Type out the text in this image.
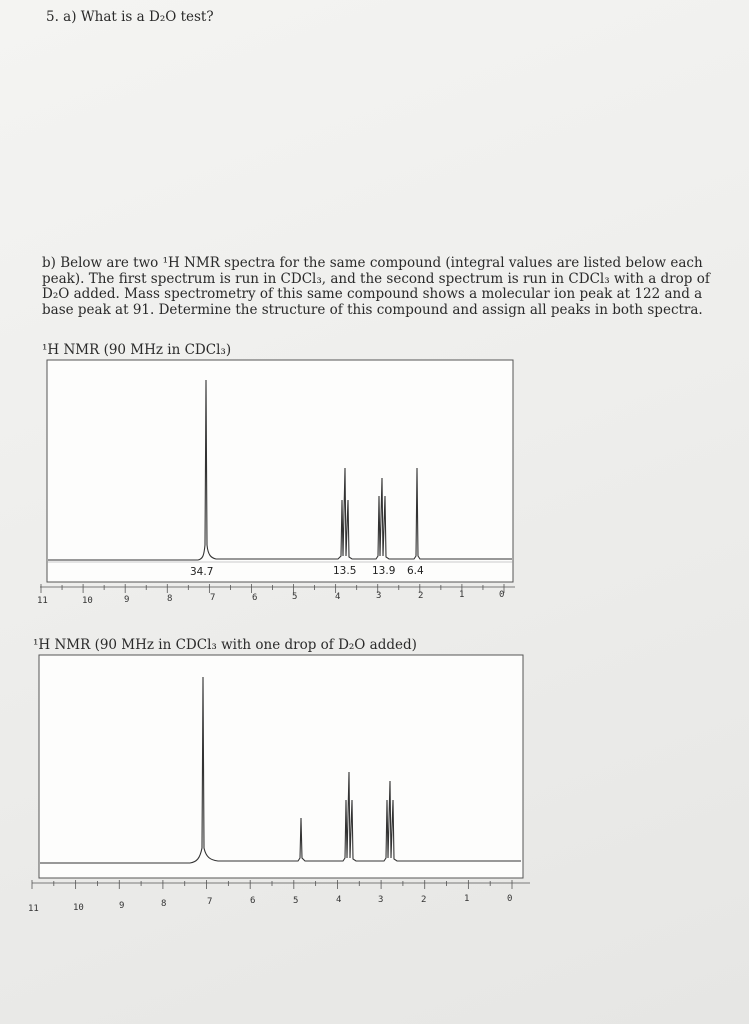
5. a) What is a D₂O test?
b) Below are two ¹H NMR spectra for the same compound (integral values are listed below each peak). The first spectrum is run in CDCl₃, and the second spectrum is run in CDCl₃ with a drop of D₂O added. Mass spectrometry of this same compound shows a molecular ion peak at 122 and a base peak at 91. Determine the structure of this compound and assign all peaks in both spectra.
¹H NMR (90 MHz in CDCl₃)
34.7	13.5 13.9 6.4
11	10	9	8	7	6	5	4	3	2	1	0
11	10	9	8	7	6	5	4	3	2	1	0
¹H NMR (90 MHz in CDCl₃ with one drop of D₂O added)
